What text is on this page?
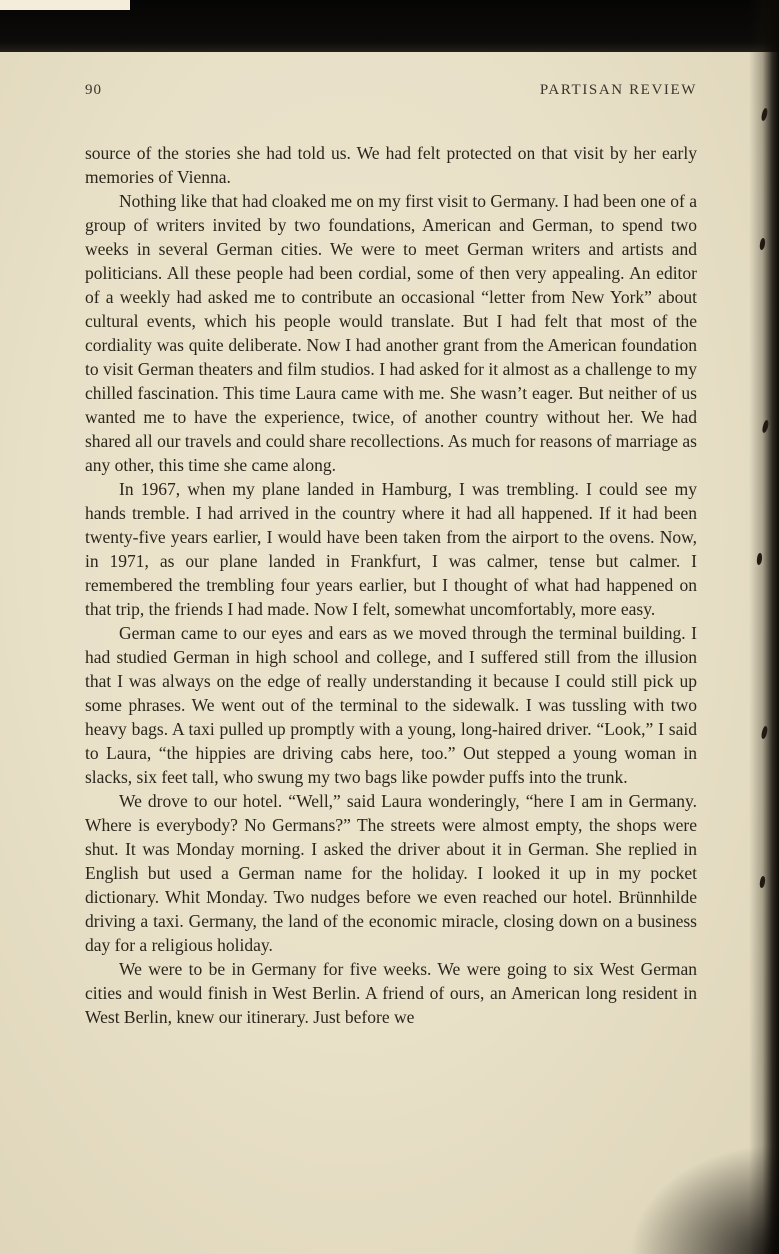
90	PARTISAN REVIEW

source of the stories she had told us. We had felt protected on that visit by her early memories of Vienna.

Nothing like that had cloaked me on my first visit to Germany. I had been one of a group of writers invited by two foundations, American and German, to spend two weeks in several German cities. We were to meet German writers and artists and politicians. All these people had been cordial, some of then very appealing. An editor of a weekly had asked me to contribute an occasional “letter from New York” about cultural events, which his people would translate. But I had felt that most of the cordiality was quite deliberate. Now I had another grant from the American foundation to visit German theaters and film studios. I had asked for it almost as a challenge to my chilled fascination. This time Laura came with me. She wasn’t eager. But neither of us wanted me to have the experience, twice, of another country without her. We had shared all our travels and could share recollections. As much for reasons of marriage as any other, this time she came along.

In 1967, when my plane landed in Hamburg, I was trembling. I could see my hands tremble. I had arrived in the country where it had all happened. If it had been twenty-five years earlier, I would have been taken from the airport to the ovens. Now, in 1971, as our plane landed in Frankfurt, I was calmer, tense but calmer. I remembered the trembling four years earlier, but I thought of what had happened on that trip, the friends I had made. Now I felt, somewhat uncomfortably, more easy.

German came to our eyes and ears as we moved through the terminal building. I had studied German in high school and college, and I suffered still from the illusion that I was always on the edge of really understanding it because I could still pick up some phrases. We went out of the terminal to the sidewalk. I was tussling with two heavy bags. A taxi pulled up promptly with a young, long-haired driver. “Look,” I said to Laura, “the hippies are driving cabs here, too.” Out stepped a young woman in slacks, six feet tall, who swung my two bags like powder puffs into the trunk.

We drove to our hotel. “Well,” said Laura wonderingly, “here I am in Germany. Where is everybody? No Germans?” The streets were almost empty, the shops were shut. It was Monday morning. I asked the driver about it in German. She replied in English but used a German name for the holiday. I looked it up in my pocket dictionary. Whit Monday. Two nudges before we even reached our hotel. Brünnhilde driving a taxi. Germany, the land of the economic miracle, closing down on a business day for a religious holiday.

We were to be in Germany for five weeks. We were going to six West German cities and would finish in West Berlin. A friend of ours, an American long resident in West Berlin, knew our itinerary. Just before we
